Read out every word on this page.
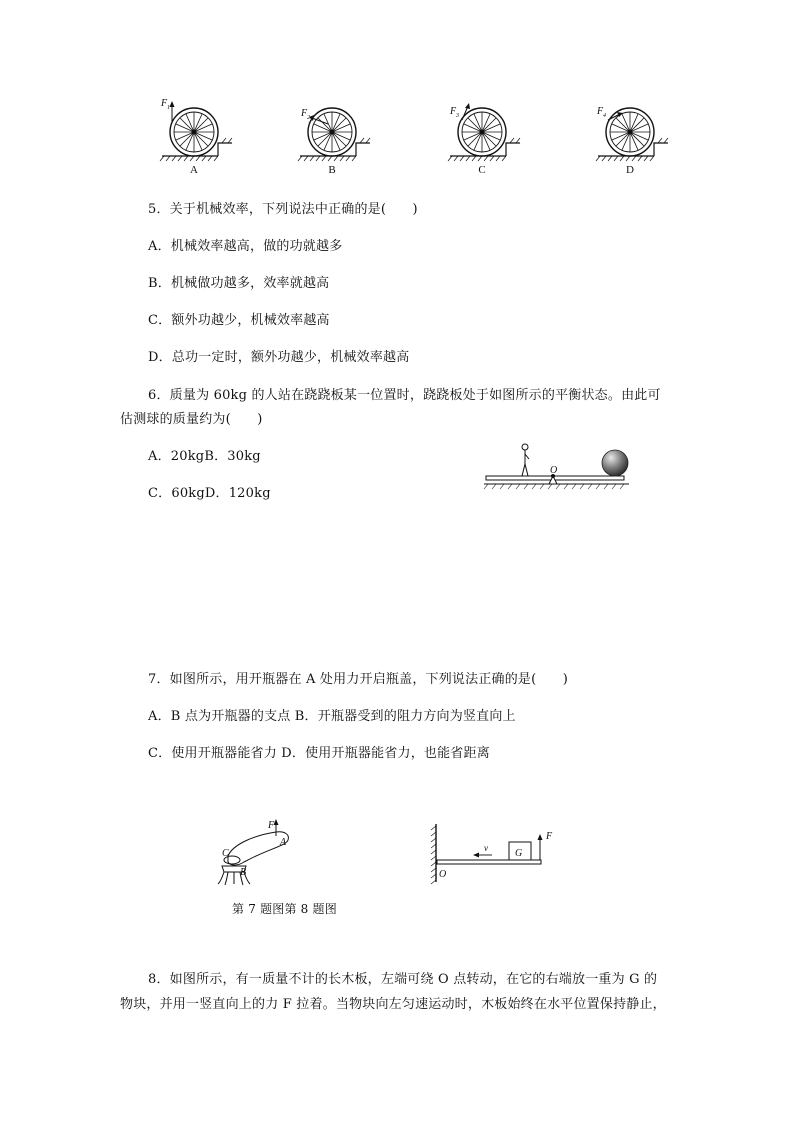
F 1	F 2
F 3	F 4
A	B	C	D
5．关于机械效率，下列说法中正确的是(　　)
A．机械效率越高，做的功就越多
B．机械做功越多，效率就越高
C．额外功越少，机械效率越高
D．总功一定时，额外功越少，机械效率越高
6．质量为 60kg 的人站在跷跷板某一位置时，跷跷板处于如图所示的平衡状态。由此可
估测球的质量约为(　　)
A．20kgB．30kg
C．60kgD．120kg
O
7．如图所示，用开瓶器在 A 处用力开启瓶盖，下列说法正确的是(　　)
A．B 点为开瓶器的支点 B．开瓶器受到的阻力方向为竖直向上
C．使用开瓶器能省力 D．使用开瓶器能省力，也能省距离
F
A
C
B
v	G
F
O
第 7 题图第 8 题图
8．如图所示，有一质量不计的长木板，左端可绕 O 点转动，在它的右端放一重为 G 的
物块，并用一竖直向上的力 F 拉着。当物块向左匀速运动时，木板始终在水平位置保持静止，
